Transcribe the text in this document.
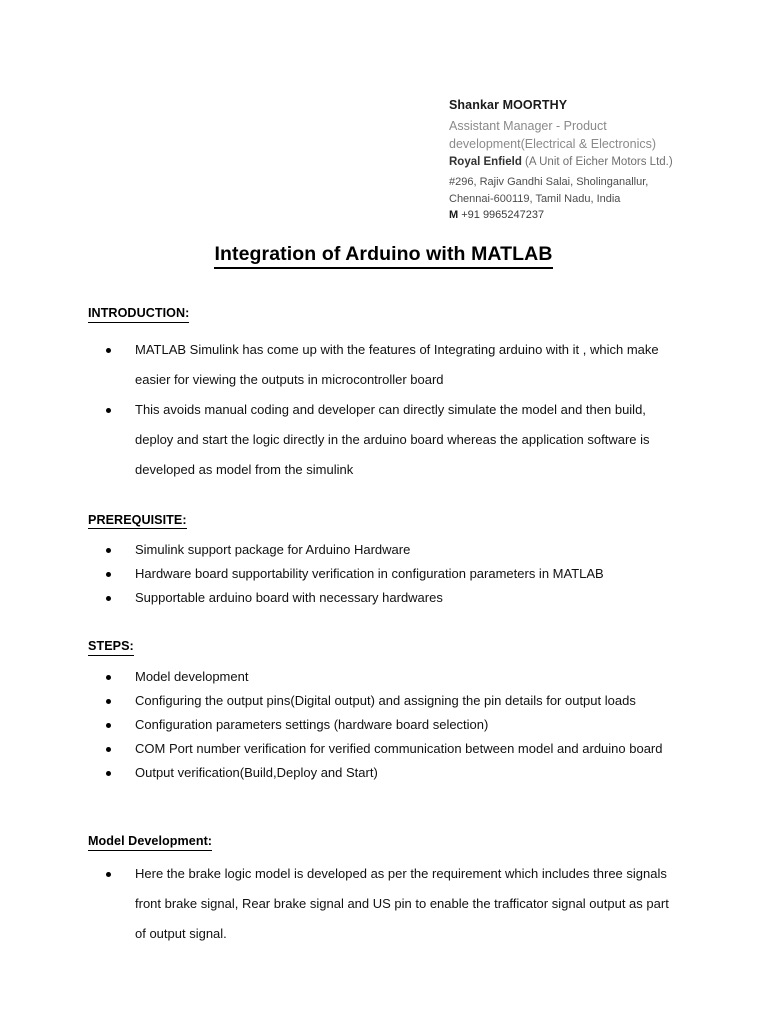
Shankar MOORTHY
Assistant Manager - Product development(Electrical & Electronics)
Royal Enfield (A Unit of Eicher Motors Ltd.)
#296, Rajiv Gandhi Salai, Sholinganallur,
Chennai-600119, Tamil Nadu, India
M +91 9965247237
Integration of Arduino with MATLAB
INTRODUCTION:
MATLAB Simulink has come up with the features of Integrating arduino with it , which make easier for viewing the outputs in microcontroller board
This avoids manual coding and developer can directly simulate the model and then build, deploy and start the logic directly in the arduino board whereas the application software is developed as model from the simulink
PREREQUISITE:
Simulink support package for Arduino Hardware
Hardware board supportability verification in configuration parameters in MATLAB
Supportable arduino board with necessary hardwares
STEPS:
Model development
Configuring the output pins(Digital output) and assigning the pin details for output loads
Configuration parameters settings (hardware board selection)
COM Port number verification for verified communication between model and arduino board
Output verification(Build,Deploy and Start)
Model Development:
Here the brake logic model is developed as per the requirement which includes three signals front brake signal, Rear brake signal and US pin to enable the trafficator signal output as part of output signal.
